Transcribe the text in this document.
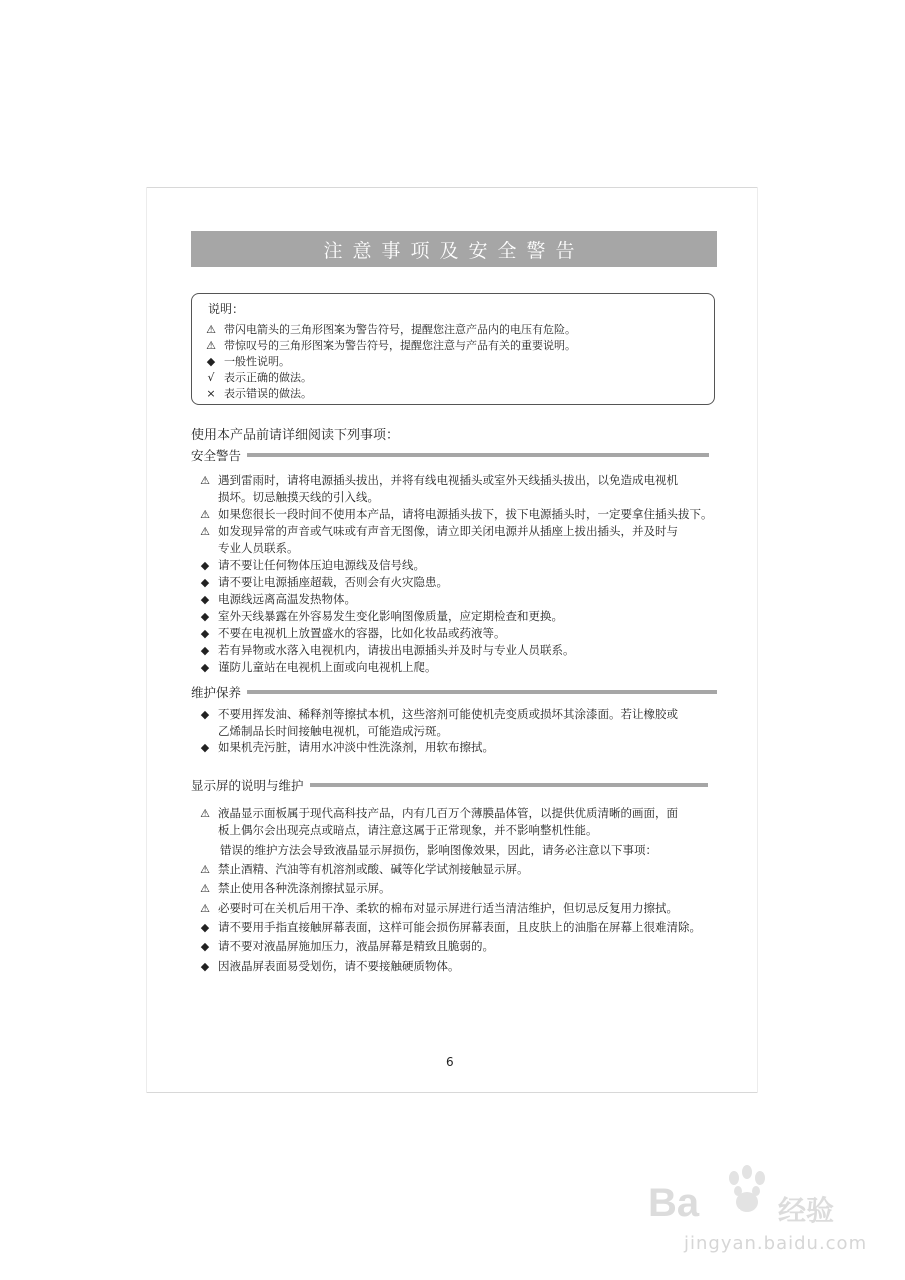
注意事项及安全警告
说明：
⚠ 带闪电箭头的三角形图案为警告符号，提醒您注意产品内的电压有危险。
⚠ 带惊叹号的三角形图案为警告符号，提醒您注意与产品有关的重要说明。
◆ 一般性说明。
√ 表示正确的做法。
× 表示错误的做法。
使用本产品前请详细阅读下列事项：
安全警告
⚠ 遇到雷雨时，请将电源插头拔出，并将有线电视插头或室外天线插头拔出，以免造成电视机
损坏。切忌触摸天线的引入线。
⚠ 如果您很长一段时间不使用本产品，请将电源插头拔下，拔下电源插头时，一定要拿住插头拔下。
⚠ 如发现异常的声音或气味或有声音无图像，请立即关闭电源并从插座上拔出插头，并及时与
专业人员联系。
◆ 请不要让任何物体压迫电源线及信号线。
◆ 请不要让电源插座超载，否则会有火灾隐患。
◆ 电源线远离高温发热物体。
◆ 室外天线暴露在外容易发生变化影响图像质量，应定期检查和更换。
◆ 不要在电视机上放置盛水的容器，比如化妆品或药液等。
◆ 若有异物或水落入电视机内，请拔出电源插头并及时与专业人员联系。
◆ 谨防儿童站在电视机上面或向电视机上爬。
维护保养
◆ 不要用挥发油、稀释剂等擦拭本机，这些溶剂可能使机壳变质或损坏其涂漆面。若让橡胶或
乙烯制品长时间接触电视机，可能造成污斑。
◆ 如果机壳污脏，请用水冲淡中性洗涤剂，用软布擦拭。
显示屏的说明与维护
⚠ 液晶显示面板属于现代高科技产品，内有几百万个薄膜晶体管，以提供优质清晰的画面，面
板上偶尔会出现亮点或暗点，请注意这属于正常现象，并不影响整机性能。
错误的维护方法会导致液晶显示屏损伤，影响图像效果，因此，请务必注意以下事项：
⚠ 禁止酒精、汽油等有机溶剂或酸、碱等化学试剂接触显示屏。
⚠ 禁止使用各种洗涤剂擦拭显示屏。
⚠ 必要时可在关机后用干净、柔软的棉布对显示屏进行适当清洁维护，但切忌反复用力擦拭。
◆ 请不要用手指直接触屏幕表面，这样可能会损伤屏幕表面，且皮肤上的油脂在屏幕上很难清除。
◆ 请不要对液晶屏施加压力，液晶屏幕是精致且脆弱的。
◆ 因液晶屏表面易受划伤，请不要接触硬质物体。
6
Ba du 经验
jingyan.baidu.com
